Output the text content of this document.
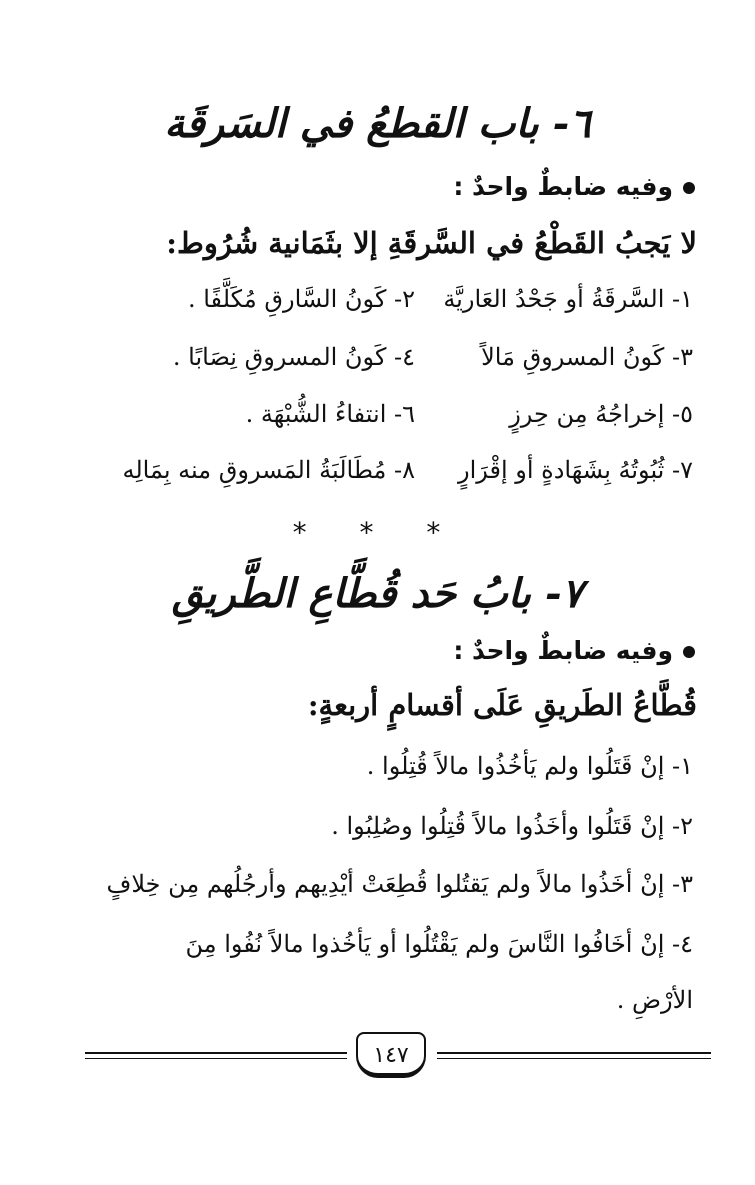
٦- باب القطعُ في السَرقَة
وفيه ضابطٌ واحدٌ :
لا يَجبُ القَطْعُ في السَّرقَةِ إلا بثَمَانية شُرُوط:
١- السَّرقَةُ أو جَحْدُ العَاريَّة
٢- كَونُ السَّارقِ مُكَلَّفًا .
٣- كَونُ المسروقِ مَالاً
٤- كَونُ المسروقِ نِصَابًا .
٥- إخراجُهُ مِن حِرزٍ
٦- انتفاءُ الشُّبْهَة .
٧- ثُبُوتُهُ بِشَهَادةٍ أو إقْرَارٍ
٨- مُطَالَبَةُ المَسروقِ منه بِمَالِه
* * *
٧- بابُ حَد قُطَّاعِ الطَّريقِ
وفيه ضابطٌ واحدٌ :
قُطَّاعُ الطَريقِ عَلَى أقسامٍ أربعةٍ:
١- إنْ قَتَلُوا ولم يَأخُذُوا مالاً قُتِلُوا .
٢- إنْ قَتَلُوا وأخَذُوا مالاً قُتِلُوا وصُلِبُوا .
٣- إنْ أخَذُوا مالاً ولم يَقتُلوا قُطِعَتْ أيْدِيهم وأرجُلُهم مِن خِلافٍ
٤- إنْ أخَافُوا النَّاسَ ولم يَقْتُلُوا أو يَأخُذوا مالاً نُفُوا مِنَ
الأرْضِ .
١٤٧
